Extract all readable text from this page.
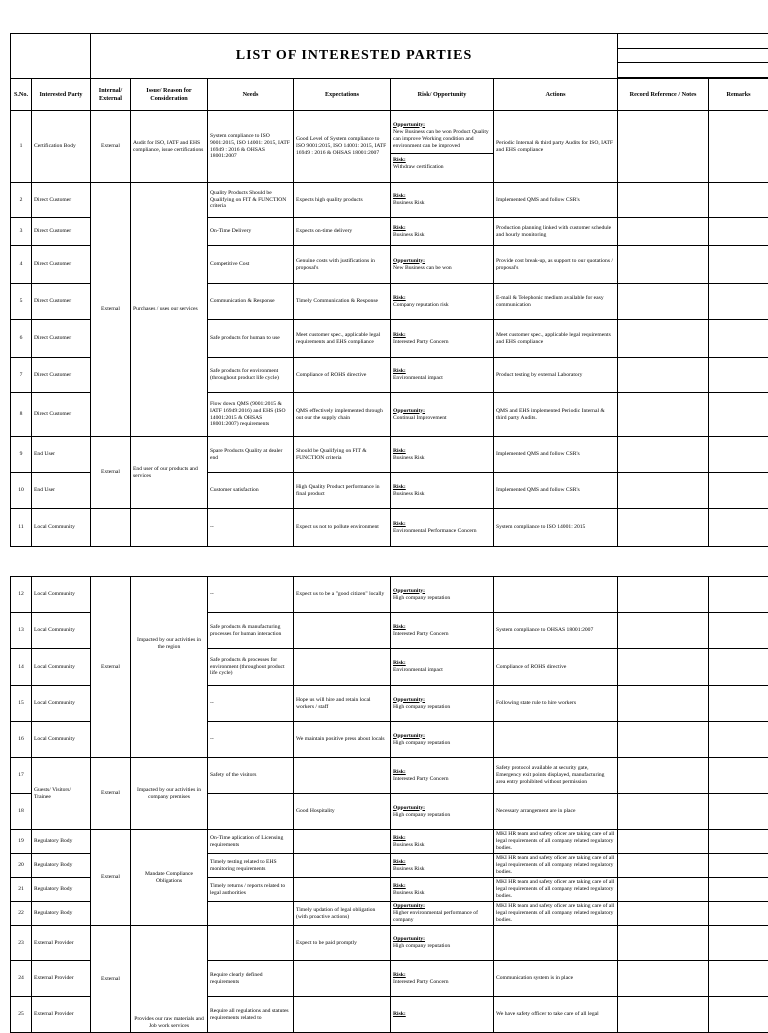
		LIST OF INTERESTED PARTIES							

S.No.	Interested Party	Internal/ External	Issue/ Reason for Consideration	Needs	Expectations	Risk/ Opportunity	Actions	Record Reference / Notes	Remarks
1	Certification Body	External	Audit for ISO, IATF and EHS compliance, issue certifications	System compliance to ISO 9001:2015, ISO 14001: 2015, IATF 16949 : 2016 & OHSAS 18001:2007	Good Level of System compliance to ISO 9001:2015, ISO 14001: 2015, IATF 16949 : 2016 & OHSAS 18001:2007	Opportunity:
New Business can be won Product Quality can improve Working condition and environment can be improved
Risk:
Withdraw certification	Periodic Internal & third party Audits for ISO, IATF and EHS compliance		
2	Direct Customer	External	Purchases / uses our services	Quality Products Should be Qualifying on FIT & FUNCTION criteria	Expects high quality products	Risk:
Business Risk	Implemented QMS and follow CSR's		
3	Direct Customer			On-Time Delivery	Expects on-time delivery	Risk:
Business Risk	Production planning linked with customer schedule and hourly monitoring		
4	Direct Customer			Competitive Cost	Genuine costs with justifications in proposal's	Opportunity:
New Business can be won	Provide cost break-up, as support to our quotations / proposal's		
5	Direct Customer			Communication & Response	Timely Communication & Response	Risk:
Company reputation risk	E-mail & Telephonic medium available for easy communication		
6	Direct Customer			Safe products for human to use	Meet customer spec., applicable legal requirements and EHS compliance	Risk:
Interested Party Concern	Meet customer spec., applicable legal requirements and EHS compliance		
7	Direct Customer			Safe products for environment (throughout product life cycle)	Compliance of ROHS directive	Risk:
Environmental impact	Product testing by external Laboratory		
8	Direct Customer			Flow down QMS (9001:2015 & IATF 16949:2016) and EHS (ISO 14001:2015 & OHSAS 18001:2007) requirements	QMS effectively implemented through out our the supply chain	Opportunity:
Continual Improvement	QMS and EHS implemented Periodic Internal & third party Audits.		
9	End User	External	End user of our products and services	Spare Products Quality at dealer end	Should be Qualifying on FIT & FUNCTION criteria	Risk:
Business Risk	Implemented QMS and follow CSR's		
10	End User			Customer satisfaction	High Quality Product performance in final product	Risk:
Business Risk	Implemented QMS and follow CSR's		
11	Local Community			--	Expect us not to pollute environment	Risk:
Environmental Performance Concern	System compliance to ISO 14001: 2015		
12	Local Community	External	Impacted by our activities in the region	--	Expect us to be a "good citizen" locally	Opportunity:
High company reputation			
13	Local Community			Safe products & manufacturing processes for human interaction		Risk:
Interested Party Concern	System compliance to OHSAS 18001:2007		
14	Local Community			Safe products & processes for environment (throughout product life cycle)		Risk:
Environmental impact	Compliance of ROHS directive		
15	Local Community			--	Hope us will hire and retain local workers / staff	Opportunity:
High company reputation	Following state rule to hire workers		
16	Local Community			--	We maintain positive press about locals	Opportunity:
High company reputation			
17	Guests/ Visitors/ Trainee	External	Impacted by our activities in company premises	Safety of the visitors		Risk:
Interested Party Concern	Safety protocol available at security gate, Emergency exit points displayed, manufacturing area entry prohibited without permission		
18					Good Hospitality	Opportunity:
High company reputation	Necessary arrangement are in place		
19	Regulatory Body	External	Mandate Compliance Obligations	On-Time aplication of Licensing requirements		Risk:
Business Risk	MKI HR team and safety oficer are taking care of all legal requirements of all company related regulatory bodies.		
20	Regulatory Body			Timely testing related to EHS monitoring requirements		Risk:
Business Risk	MKI HR team and safety oficer are taking care of all legal requirements of all company related regulatory bodies.		
21	Regulatory Body			Timely returns / reports related to legal authorities		Risk:
Business Risk	MKI HR team and safety oficer are taking care of all legal requirements of all company related regulatory bodies.		
22	Regulatory Body				Timely updation of legal obligation (with proactive actions)	Opportunity:
Higher environmental performance of company	MKI HR team and safety oficer are taking care of all legal requirements of all company related regulatory bodies.		
23	External Provider	External	Provides our raw materials and Job work services		Expect to be paid promptly	Opportunity:
High company reputation			
24	External Provider			Require clearly defined requirements		Risk:
Interested Party Concern	Communication system is in place		
25	External Provider			Require all regulations and statutes requirements related to		Risk:	We have safety officer to take care of all legal		
